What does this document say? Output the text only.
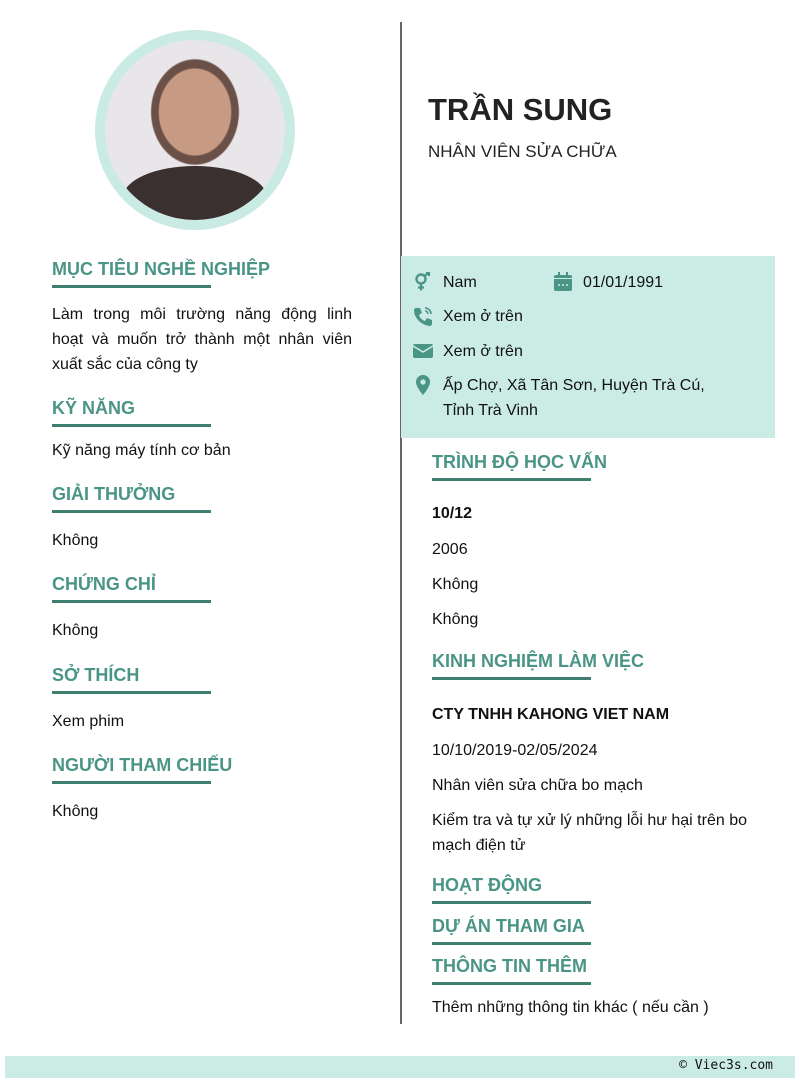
TRẦN SUNG
NHÂN VIÊN SỬA CHỮA
Nam	01/01/1991
Xem ở trên
Xem ở trên
Ấp Chợ, Xã Tân Sơn, Huyện Trà Cú, Tỉnh Trà Vinh
MỤC TIÊU NGHỀ NGHIỆP
Làm trong môi trường năng động linh hoạt và muốn trở thành một nhân viên xuất sắc của công ty
KỸ NĂNG
Kỹ năng máy tính cơ bản
GIẢI THƯỞNG
Không
CHỨNG CHỈ
Không
SỞ THÍCH
Xem phim
NGƯỜI THAM CHIẾU
Không
TRÌNH ĐỘ HỌC VẤN
10/12
2006
Không
Không
KINH NGHIỆM LÀM VIỆC
CTY TNHH KAHONG VIET NAM
10/10/2019-02/05/2024
Nhân viên sửa chữa bo mạch
Kiểm tra và tự xử lý những lỗi hư hại trên bo mạch điện tử
HOẠT ĐỘNG
DỰ ÁN THAM GIA
THÔNG TIN THÊM
Thêm những thông tin khác ( nếu cần )
© Viec3s.com
